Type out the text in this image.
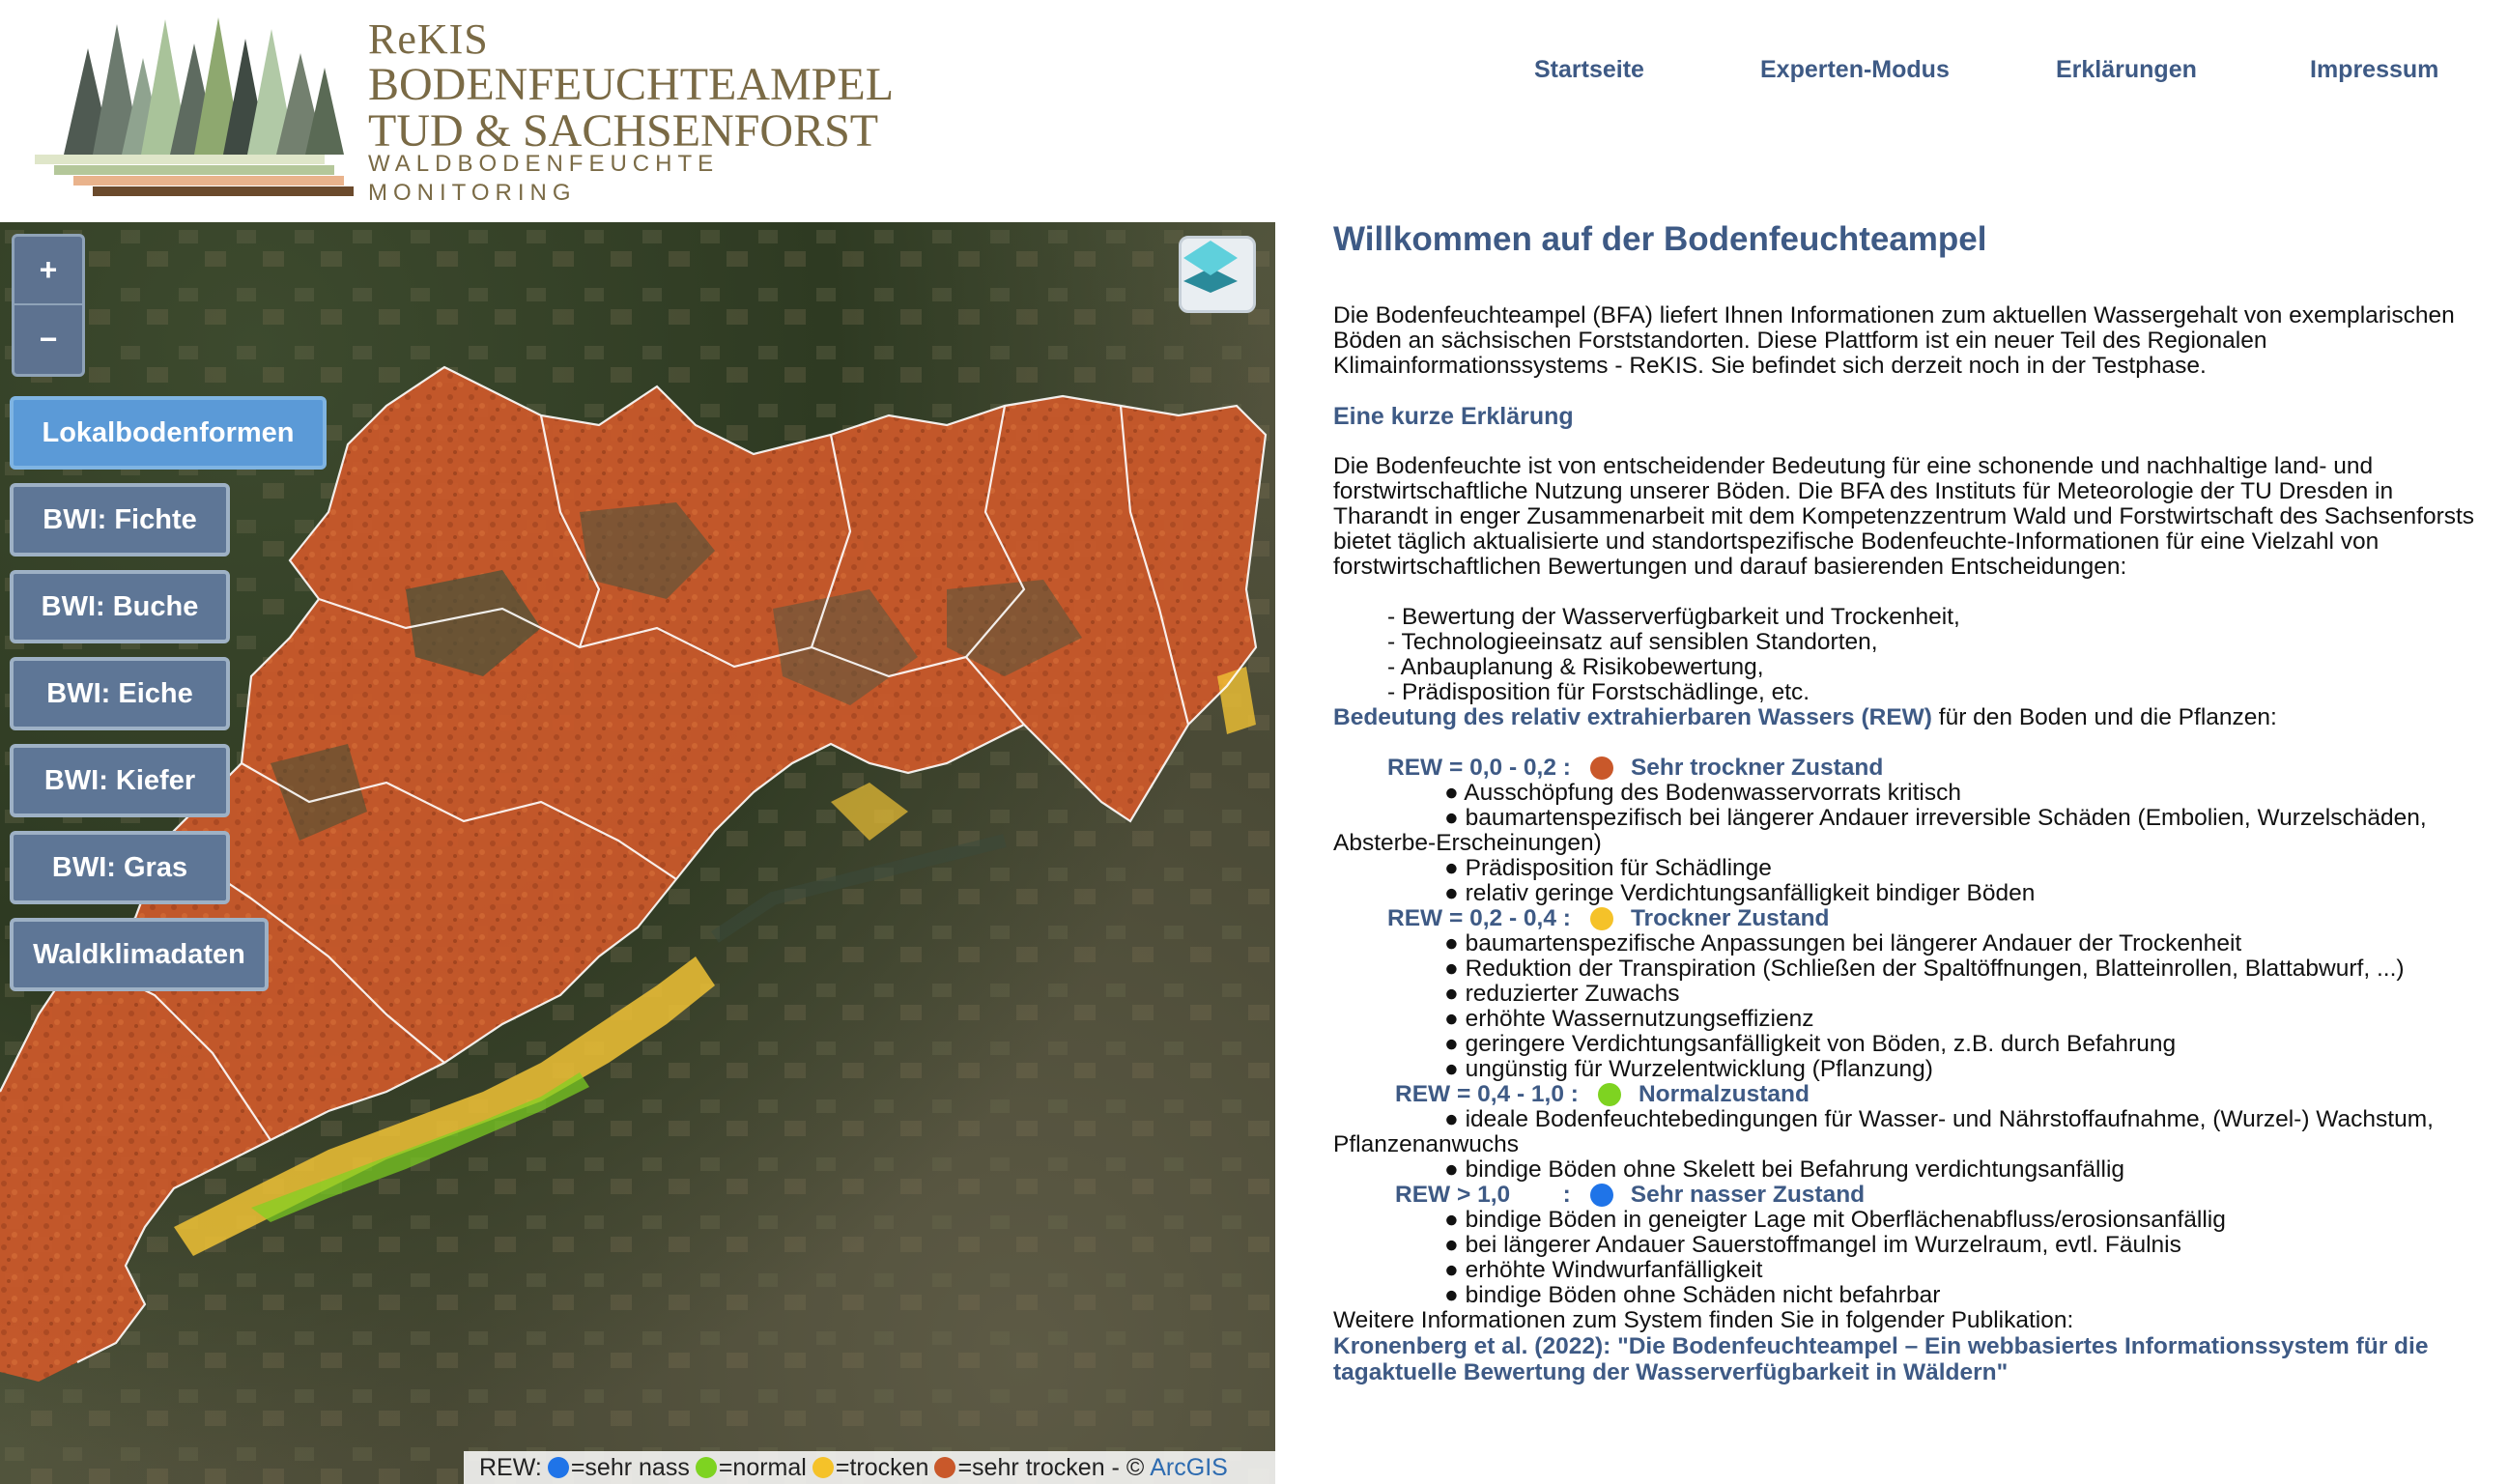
ReKIS
BODENFEUCHTEAMPEL
TUD & SACHSENFORST
WALDBODENFEUCHTE
MONITORING
Startseite	Experten-Modus	Erklärungen	Impressum
+
−
Lokalbodenformen
BWI: Fichte
BWI: Buche
BWI: Eiche
BWI: Kiefer
BWI: Gras
Waldklimadaten
REW: =sehr nass =normal =trocken =sehr trocken - © ArcGIS
Willkommen auf der Bodenfeuchteampel

Die Bodenfeuchteampel (BFA) liefert Ihnen Informationen zum aktuellen Wassergehalt von exemplarischen Böden an sächsischen Forststandorten. Diese Plattform ist ein neuer Teil des Regionalen Klimainformationssystems - ReKIS. Sie befindet sich derzeit noch in der Testphase.

Eine kurze Erklärung

Die Bodenfeuchte ist von entscheidender Bedeutung für eine schonende und nachhaltige land- und forstwirtschaftliche Nutzung unserer Böden. Die BFA des Instituts für Meteorologie der TU Dresden in Tharandt in enger Zusammenarbeit mit dem Kompetenzzentrum Wald und Forstwirtschaft des Sachsenforsts bietet täglich aktualisierte und standortspezifische Bodenfeuchte-Informationen für eine Vielzahl von forstwirtschaftlichen Bewertungen und darauf basierenden Entscheidungen:

- Bewertung der Wasserverfügbarkeit und Trockenheit,
- Technologieeinsatz auf sensiblen Standorten,
- Anbauplanung & Risikobewertung,
- Prädisposition für Forstschädlinge, etc.

Bedeutung des relativ extrahierbaren Wassers (REW) für den Boden und die Pflanzen:

REW = 0,0 - 0,2 :	Sehr trockner Zustand
● Ausschöpfung des Bodenwasservorrats kritisch
● baumartenspezifisch bei längerer Andauer irreversible Schäden (Embolien, Wurzelschäden, Absterbe-Erscheinungen)
● Prädisposition für Schädlinge
● relativ geringe Verdichtungsanfälligkeit bindiger Böden
REW = 0,2 - 0,4 :	Trockner Zustand
● baumartenspezifische Anpassungen bei längerer Andauer der Trockenheit
● Reduktion der Transpiration (Schließen der Spaltöffnungen, Blatteinrollen, Blattabwurf, ...)
● reduzierter Zuwachs
● erhöhte Wassernutzungseffizienz
● geringere Verdichtungsanfälligkeit von Böden, z.B. durch Befahrung
● ungünstig für Wurzelentwicklung (Pflanzung)
REW = 0,4 - 1,0 :	Normalzustand
● ideale Bodenfeuchtebedingungen für Wasser- und Nährstoffaufnahme, (Wurzel-) Wachstum, Pflanzenanwuchs
● bindige Böden ohne Skelett bei Befahrung verdichtungsanfällig
REW > 1,0        :	Sehr nasser Zustand
● bindige Böden in geneigter Lage mit Oberflächenabfluss/erosionsanfällig
● bei längerer Andauer Sauerstoffmangel im Wurzelraum, evtl. Fäulnis
● erhöhte Windwurfanfälligkeit
● bindige Böden ohne Schäden nicht befahrbar

Weitere Informationen zum System finden Sie in folgender Publikation:

Kronenberg et al. (2022): "Die Bodenfeuchteampel – Ein webbasiertes Informationssystem für die tagaktuelle Bewertung der Wasserverfügbarkeit in Wäldern"
